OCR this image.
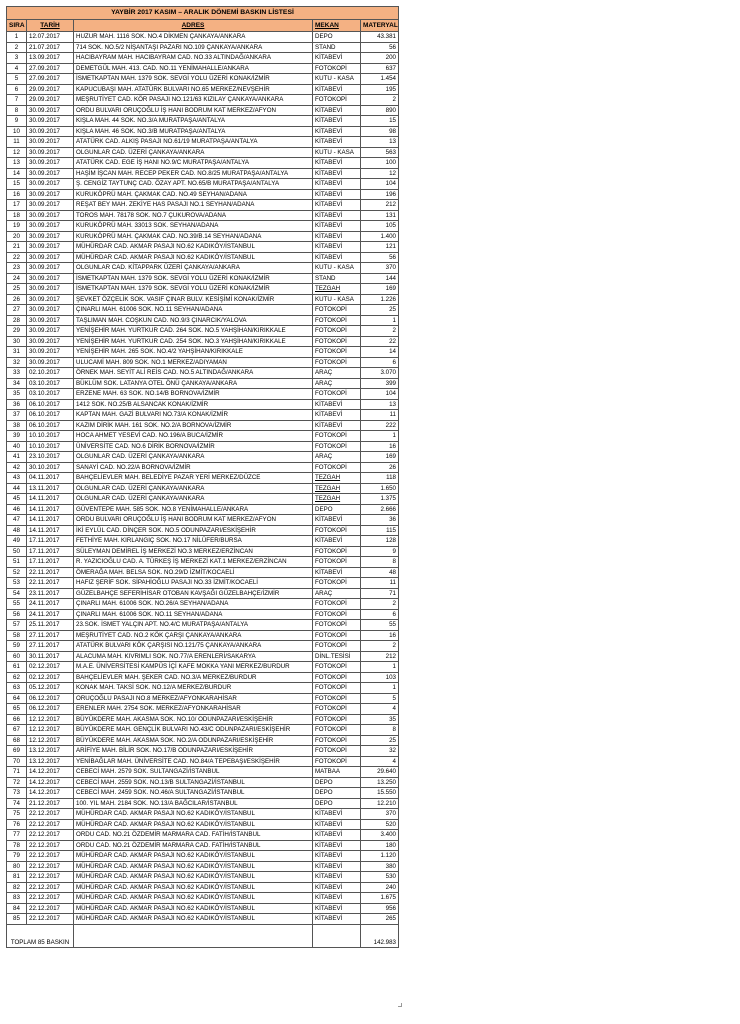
YAYBİR 2017 KASIM – ARALIK DÖNEMİ BASKIN LİSTESİ				
SIRA	TARİH	ADRES	MEKAN	MATERYAL
1	12.07.2017	HUZUR MAH. 1116 SOK. NO.4 DİKMEN ÇANKAYA/ANKARA	DEPO	43.381
2	21.07.2017	714 SOK. NO.5/2 NİŞANTAŞI PAZARI NO.109 ÇANKAYA/ANKARA	STAND	56
3	13.09.2017	HACIBAYRAM MAH. HACIBAYRAM CAD. NO.33 ALTINDAĞ/ANKARA	KİTABEVİ	200
4	27.09.2017	DEMETGÜL MAH. 413. CAD. NO.11 YENİMAHALLE/ANKARA	FOTOKOPİ	637
5	27.09.2017	İSMETKAPTAN MAH. 1379 SOK. SEVGİ YOLU ÜZERİ KONAK/İZMİR	KUTU - KASA	1.454
6	29.09.2017	KAPUCUBAŞI MAH. ATATÜRK BULVARI NO.65 MERKEZ/NEVŞEHİR	KİTABEVİ	195
7	29.09.2017	MEŞRUTİYET CAD. KÖR PASAJI NO.121/63 KIZILAY ÇANKAYA/ANKARA	FOTOKOPİ	2
8	30.09.2017	ORDU BULVARI ORUÇOĞLU İŞ HANI BODRUM KAT MERKEZ/AFYON	KİTABEVİ	890
9	30.09.2017	KIŞLA MAH. 44 SOK. NO.3/A MURATPAŞA/ANTALYA	KİTABEVİ	15
10	30.09.2017	KIŞLA MAH. 46 SOK. NO.3/B MURATPAŞA/ANTALYA	KİTABEVİ	98
11	30.09.2017	ATATÜRK CAD. ALKIŞ PASAJI NO.61/19 MURATPAŞA/ANTALYA	KİTABEVİ	13
12	30.09.2017	OLGUNLAR CAD. ÜZERİ ÇANKAYA/ANKARA	KUTU - KASA	563
13	30.09.2017	ATATÜRK CAD. EGE İŞ HANI NO.9/C MURATPAŞA/ANTALYA	KİTABEVİ	100
14	30.09.2017	HAŞİM İŞCAN MAH. RECEP PEKER CAD. NO.8/25 MURATPAŞA/ANTALYA	KİTABEVİ	12
15	30.09.2017	Ş. CENGİZ TAYTUNÇ CAD. ÖZAY APT. NO.65/B MURATPAŞA/ANTALYA	KİTABEVİ	104
16	30.09.2017	KURUKÖPRÜ MAH. ÇAKMAK CAD. NO.49 SEYHAN/ADANA	KİTABEVİ	196
17	30.09.2017	REŞAT BEY MAH. ZEKİYE HAS PASAJI NO.1 SEYHAN/ADANA	KİTABEVİ	212
18	30.09.2017	TOROS MAH. 78178 SOK. NO.7 ÇUKUROVA/ADANA	KİTABEVİ	131
19	30.09.2017	KURUKÖPRÜ MAH. 33013 SOK. SEYHAN/ADANA	KİTABEVİ	105
20	30.09.2017	KURUKÖPRÜ MAH. ÇAKMAK CAD. NO.39/B.14 SEYHAN/ADANA	KİTABEVİ	1.400
21	30.09.2017	MÜHÜRDAR CAD. AKMAR PASAJI NO.62 KADIKÖY/İSTANBUL	KİTABEVİ	121
22	30.09.2017	MÜHÜRDAR CAD. AKMAR PASAJI NO.62 KADIKÖY/İSTANBUL	KİTABEVİ	56
23	30.09.2017	OLGUNLAR CAD. KİTAPPARK ÜZERİ ÇANKAYA/ANKARA	KUTU - KASA	370
24	30.09.2017	İSMETKAPTAN MAH. 1379 SOK. SEVGİ YOLU ÜZERİ KONAK/İZMİR	STAND	144
25	30.09.2017	İSMETKAPTAN MAH. 1379 SOK. SEVGİ YOLU ÜZERİ KONAK/İZMİR	TEZGAH	169
26	30.09.2017	ŞEVKET ÖZÇELİK SOK. VASIF ÇINAR BULV. KESİŞİMİ KONAK/İZMİR	KUTU - KASA	1.226
27	30.09.2017	ÇINARLI MAH. 61006 SOK. NO.11 SEYHAN/ADANA	FOTOKOPİ	25
28	30.09.2017	TAŞLIMAN MAH. COŞKUN CAD. NO.9/3 ÇINARCIK/YALOVA	FOTOKOPİ	1
29	30.09.2017	YENİŞEHİR MAH. YURTKUR CAD. 264 SOK. NO.5 YAHŞİHAN/KIRIKKALE	FOTOKOPİ	2
30	30.09.2017	YENİŞEHİR MAH. YURTKUR CAD. 254 SOK. NO.3 YAHŞİHAN/KIRIKKALE	FOTOKOPİ	22
31	30.09.2017	YENİŞEHİR MAH. 265 SOK. NO.4/2 YAHŞİHAN/KIRIKKALE	FOTOKOPİ	14
32	30.09.2017	ULUCAMİ MAH. 809 SOK. NO.1 MERKEZ/ADIYAMAN	FOTOKOPİ	6
33	02.10.2017	ÖRNEK MAH. SEYİT ALİ REİS CAD. NO.5 ALTINDAĞ/ANKARA	ARAÇ	3.070
34	03.10.2017	BÜKLÜM SOK. LATANYA OTEL ÖNÜ ÇANKAYA/ANKARA	ARAÇ	399
35	03.10.2017	ERZENE MAH. 63 SOK. NO.14/B BORNOVA/İZMİR	FOTOKOPİ	104
36	06.10.2017	1412 SOK. NO.25/B ALSANCAK KONAK/İZMİR	KİTABEVİ	13
37	06.10.2017	KAPTAN MAH. GAZİ BULVARI NO.73/A KONAK/İZMİR	KİTABEVİ	11
38	06.10.2017	KAZIM DİRİK MAH. 161 SOK. NO.2/A BORNOVA/İZMİR	KİTABEVİ	222
39	10.10.2017	HOCA AHMET YESEVİ CAD. NO.196/A BUCA/İZMİR	FOTOKOPİ	1
40	10.10.2017	ÜNİVERSİTE CAD. NO.6 DİRİK BORNOVA/İZMİR	FOTOKOPİ	16
41	23.10.2017	OLGUNLAR CAD. ÜZERİ ÇANKAYA/ANKARA	ARAÇ	169
42	30.10.2017	SANAYİ CAD. NO.22/A BORNOVA/İZMİR	FOTOKOPİ	26
43	04.11.2017	BAHÇELİEVLER MAH. BELEDİYE PAZAR YERİ MERKEZ/DÜZCE	TEZGAH	118
44	13.11.2017	OLGUNLAR CAD. ÜZERİ ÇANKAYA/ANKARA	TEZGAH	1.650
45	14.11.2017	OLGUNLAR CAD. ÜZERİ ÇANKAYA/ANKARA	TEZGAH	1.375
46	14.11.2017	GÜVENTEPE MAH. 585 SOK. NO.8 YENİMAHALLE/ANKARA	DEPO	2.666
47	14.11.2017	ORDU BULVARI ORUÇOĞLU İŞ HANI BODRUM KAT MERKEZ/AFYON	KİTABEVİ	36
48	14.11.2017	İKİ EYLÜL CAD. DİNÇER SOK. NO.5 ODUNPAZARI/ESKİŞEHİR	FOTOKOPİ	115
49	17.11.2017	FETHİYE MAH. KIRLANGIÇ SOK. NO.17 NİLÜFER/BURSA	KİTABEVİ	128
50	17.11.2017	SÜLEYMAN DEMİREL İŞ MERKEZİ NO.3 MERKEZ/ERZİNCAN	FOTOKOPİ	9
51	17.11.2017	R. YAZICIOĞLU CAD. A. TÜRKEŞ İŞ MERKEZİ KAT.1 MERKEZ/ERZİNCAN	FOTOKOPİ	8
52	22.11.2017	ÖMERAĞA MAH. BELSA SOK. NO.29/D İZMİT/KOCAELİ	KİTABEVİ	48
53	22.11.2017	HAFIZ ŞERİF SOK. SİPAHİOĞLU PASAJI NO.33 İZMİT/KOCAELİ	FOTOKOPİ	11
54	23.11.2017	GÜZELBAHÇE SEFERİHİSAR OTOBAN KAVŞAĞI GÜZELBAHÇE/İZMİR	ARAÇ	71
55	24.11.2017	ÇINARLI MAH. 61006 SOK. NO.26/A SEYHAN/ADANA	FOTOKOPİ	2
56	24.11.2017	ÇINARLI MAH. 61006 SOK. NO.11 SEYHAN/ADANA	FOTOKOPİ	6
57	25.11.2017	23.SOK. İSMET YALÇIN APT. NO.4/C MURATPAŞA/ANTALYA	FOTOKOPİ	55
58	27.11.2017	MEŞRUTİYET CAD. NO.2 KÖK ÇARŞI ÇANKAYA/ANKARA	FOTOKOPİ	16
59	27.11.2017	ATATÜRK BULVARI KÖK ÇARŞISI NO.121/75 ÇANKAYA/ANKARA	FOTOKOPİ	2
60	30.11.2017	ALACUMA MAH. KIVRIMLI SOK. NO.77/A ERENLERİ/SAKARYA	DİNL.TESİSİ	212
61	02.12.2017	M.A.E. ÜNİVERSİTESİ KAMPÜS İÇİ KAFE MOKKA YANI MERKEZ/BURDUR	FOTOKOPİ	1
62	02.12.2017	BAHÇELİEVLER MAH. ŞEKER CAD. NO.3/A MERKEZ/BURDUR	FOTOKOPİ	103
63	05.12.2017	KONAK MAH. TAKSİ SOK. NO.12/A MERKEZ/BURDUR	FOTOKOPİ	1
64	06.12.2017	ORUÇOĞLU PASAJI NO.8 MERKEZ/AFYONKARAHİSAR	FOTOKOPİ	5
65	06.12.2017	ERENLER MAH. 2754 SOK. MERKEZ/AFYONKARAHİSAR	FOTOKOPİ	4
66	12.12.2017	BÜYÜKDERE MAH. AKASMA SOK. NO.10/ ODUNPAZARI/ESKİŞEHİR	FOTOKOPİ	35
67	12.12.2017	BÜYÜKDERE MAH. GENÇLİK BULVARI NO.43/C ODUNPAZARI/ESKİŞEHİR	FOTOKOPİ	8
68	12.12.2017	BÜYÜKDERE MAH. AKASMA SOK. NO.2/A ODUNPAZARI/ESKİŞEHİR	FOTOKOPİ	25
69	13.12.2017	ARİFİYE MAH. BİLİR SOK. NO.17/B ODUNPAZARI/ESKİŞEHİR	FOTOKOPİ	32
70	13.12.2017	YENİBAĞLAR MAH. ÜNİVERSİTE CAD. NO.84/A TEPEBAŞI/ESKİŞEHİR	FOTOKOPİ	4
71	14.12.2017	CEBECİ MAH. 2579 SOK. SULTANGAZİ/İSTANBUL	MATBAA	29.640
72	14.12.2017	CEBECİ MAH. 2559 SOK. NO.13/B SULTANGAZİ/İSTANBUL	DEPO	13.250
73	14.12.2017	CEBECİ MAH. 2459 SOK. NO.46/A SULTANGAZİ/İSTANBUL	DEPO	15.550
74	21.12.2017	100. YIL MAH. 2184 SOK. NO.13/A BAĞCILAR/İSTANBUL	DEPO	12.210
75	22.12.2017	MÜHÜRDAR CAD. AKMAR PASAJI NO.62 KADIKÖY/İSTANBUL	KİTABEVİ	370
76	22.12.2017	MÜHÜRDAR CAD. AKMAR PASAJI NO.62 KADIKÖY/İSTANBUL	KİTABEVİ	520
77	22.12.2017	ORDU CAD. NO.21 ÖZDEMİR MARMARA CAD. FATİH/İSTANBUL	KİTABEVİ	3.400
78	22.12.2017	ORDU CAD. NO.21 ÖZDEMİR MARMARA CAD. FATİH/İSTANBUL	KİTABEVİ	180
79	22.12.2017	MÜHÜRDAR CAD. AKMAR PASAJI NO.62 KADIKÖY/İSTANBUL	KİTABEVİ	1.120
80	22.12.2017	MÜHÜRDAR CAD. AKMAR PASAJI NO.62 KADIKÖY/İSTANBUL	KİTABEVİ	380
81	22.12.2017	MÜHÜRDAR CAD. AKMAR PASAJI NO.62 KADIKÖY/İSTANBUL	KİTABEVİ	530
82	22.12.2017	MÜHÜRDAR CAD. AKMAR PASAJI NO.62 KADIKÖY/İSTANBUL	KİTABEVİ	240
83	22.12.2017	MÜHÜRDAR CAD. AKMAR PASAJI NO.62 KADIKÖY/İSTANBUL	KİTABEVİ	1.675
84	22.12.2017	MÜHÜRDAR CAD. AKMAR PASAJI NO.62 KADIKÖY/İSTANBUL	KİTABEVİ	956
85	22.12.2017	MÜHÜRDAR CAD. AKMAR PASAJI NO.62 KADIKÖY/İSTANBUL	KİTABEVİ	265
TOPLAM 85 BASKIN				142.983
